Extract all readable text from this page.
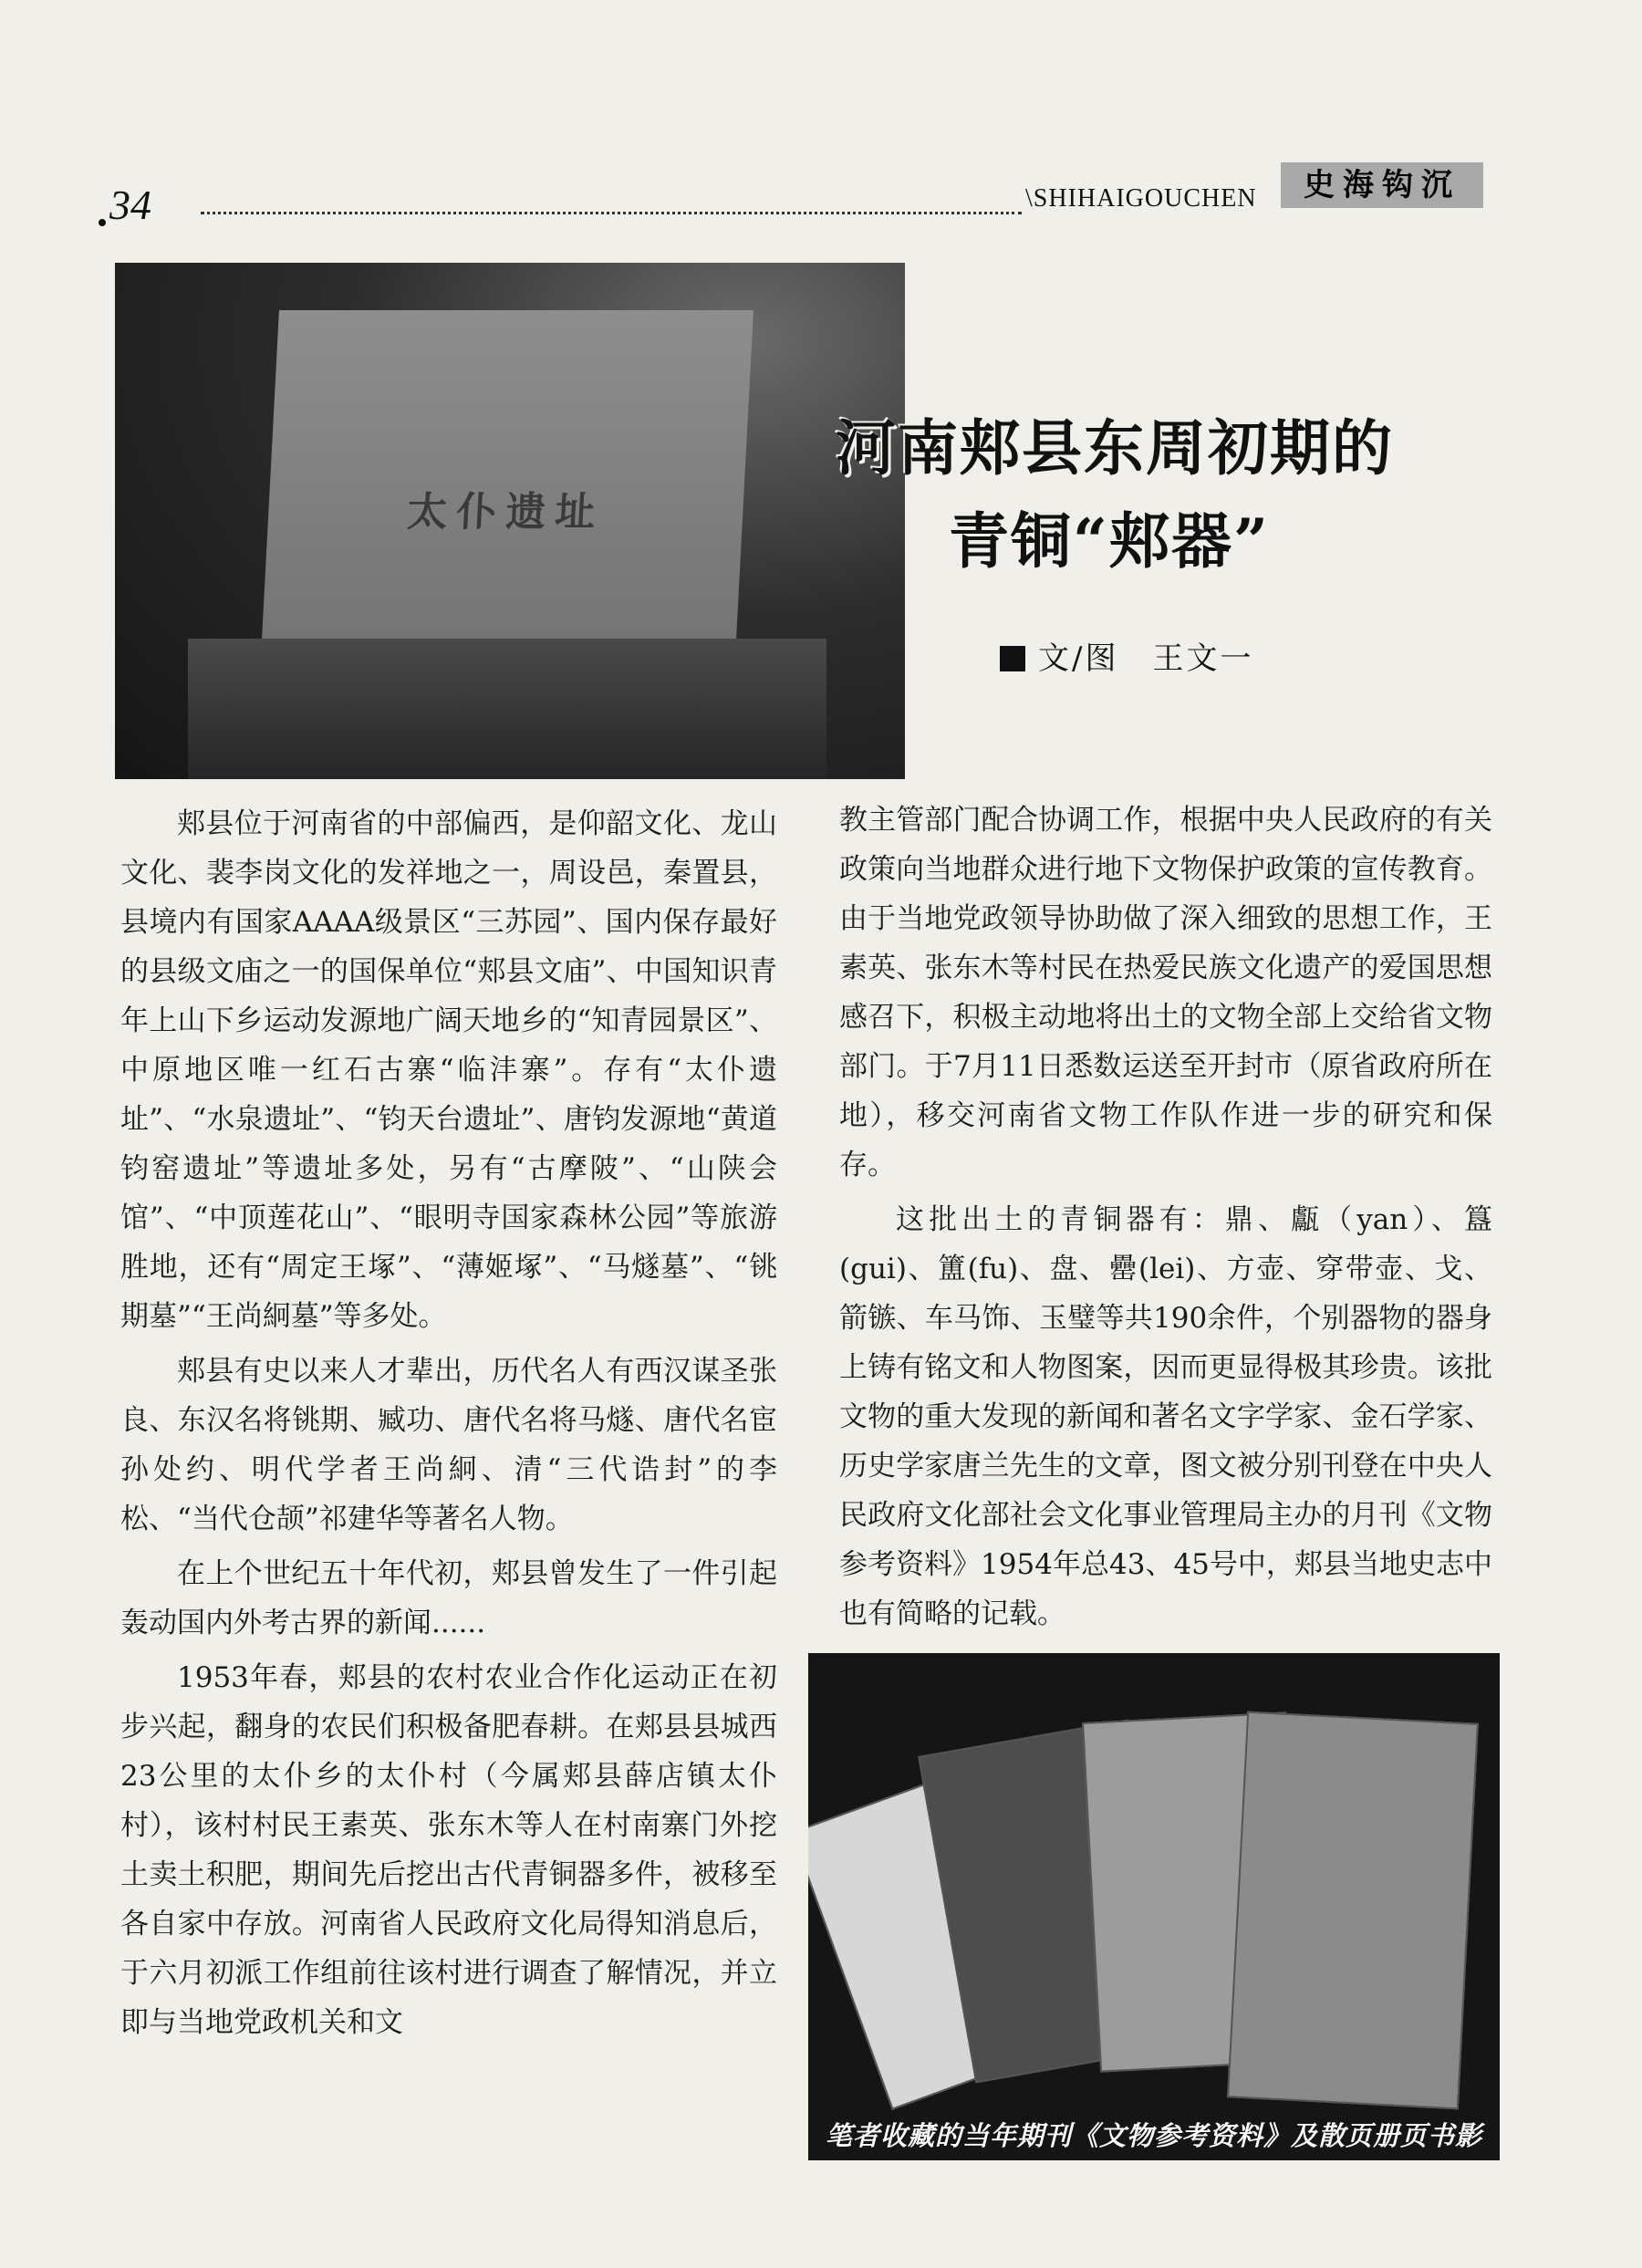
34	\SHIHAIGOUCHEN	史海钩沉
太仆遗址
河南郏县东周初期的
青铜“郏器”
文/图　王文一

郏县位于河南省的中部偏西，是仰韶文化、龙山文化、裴李岗文化的发祥地之一，周设邑，秦置县，县境内有国家AAAA级景区“三苏园”、国内保存最好的县级文庙之一的国保单位“郏县文庙”、中国知识青年上山下乡运动发源地广阔天地乡的“知青园景区”、中原地区唯一红石古寨“临沣寨”。存有“太仆遗址”、“水泉遗址”、“钧天台遗址”、唐钧发源地“黄道钧窑遗址”等遗址多处，另有“古摩陂”、“山陕会馆”、“中顶莲花山”、“眼明寺国家森林公园”等旅游胜地，还有“周定王塚”、“薄姬塚”、“马燧墓”、“铫期墓”“王尚絅墓”等多处。

郏县有史以来人才辈出，历代名人有西汉谋圣张良、东汉名将铫期、臧功、唐代名将马燧、唐代名宦孙处约、明代学者王尚絅、清“三代诰封”的李松、“当代仓颉”祁建华等著名人物。

在上个世纪五十年代初，郏县曾发生了一件引起轰动国内外考古界的新闻......

1953年春，郏县的农村农业合作化运动正在初步兴起，翻身的农民们积极备肥春耕。在郏县县城西23公里的太仆乡的太仆村（今属郏县薛店镇太仆村），该村村民王素英、张东木等人在村南寨门外挖土卖土积肥，期间先后挖出古代青铜器多件，被移至各自家中存放。河南省人民政府文化局得知消息后，于六月初派工作组前往该村进行调查了解情况，并立即与当地党政机关和文

教主管部门配合协调工作，根据中央人民政府的有关政策向当地群众进行地下文物保护政策的宣传教育。由于当地党政领导协助做了深入细致的思想工作，王素英、张东木等村民在热爱民族文化遗产的爱国思想感召下，积极主动地将出土的文物全部上交给省文物部门。于7月11日悉数运送至开封市（原省政府所在地），移交河南省文物工作队作进一步的研究和保存。

这批出土的青铜器有：鼎、甗（yan）、簋(gui)、簠(fu)、盘、罍(lei)、方壶、穿带壶、戈、箭镞、车马饰、玉璧等共190余件，个别器物的器身上铸有铭文和人物图案，因而更显得极其珍贵。该批文物的重大发现的新闻和著名文字学家、金石学家、历史学家唐兰先生的文章，图文被分别刊登在中央人民政府文化部社会文化事业管理局主办的月刊《文物参考资料》1954年总43、45号中，郏县当地史志中也有简略的记载。

笔者收藏的当年期刊《文物参考资料》及散页册页书影
